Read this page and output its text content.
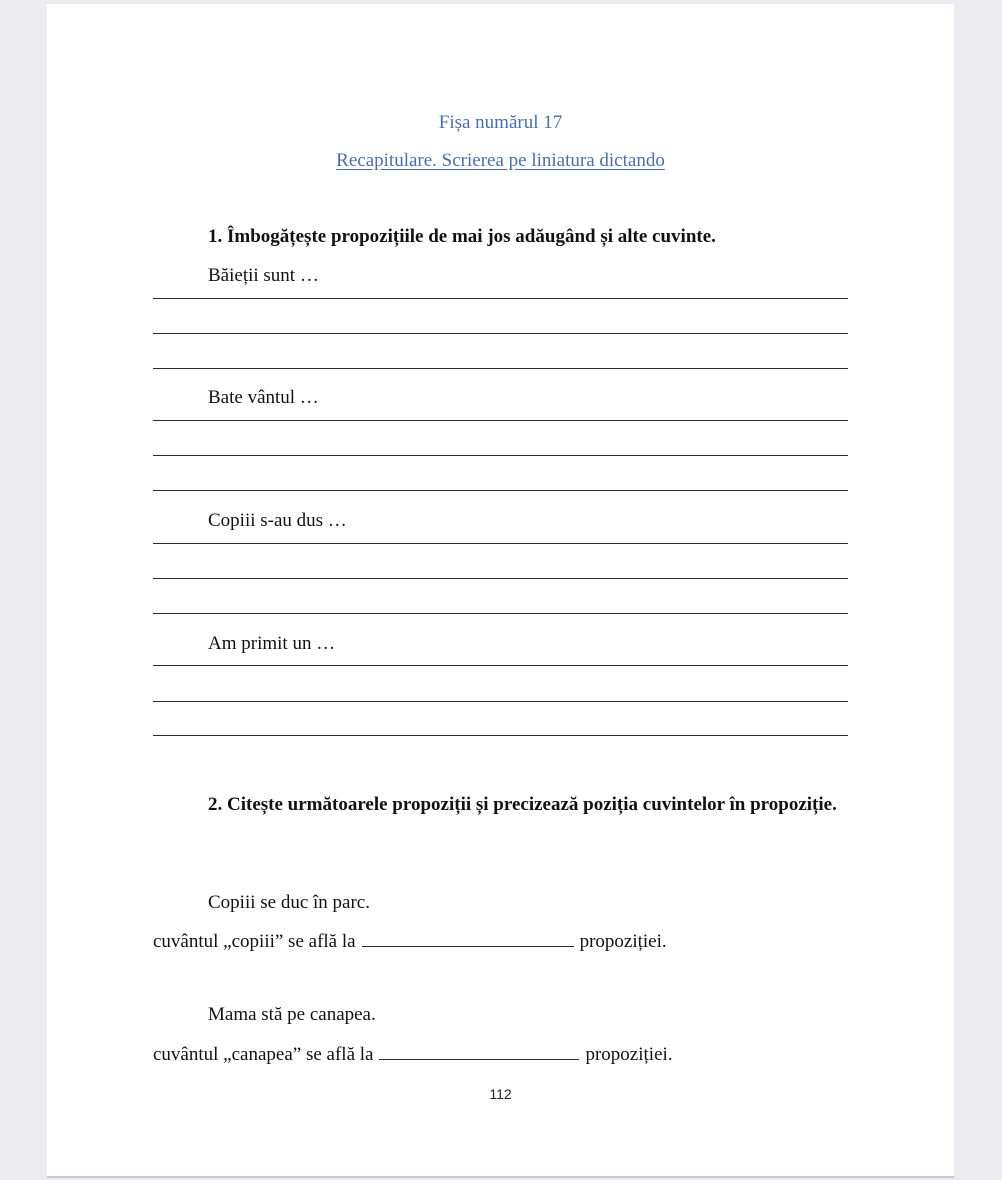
Fișa numărul 17
Recapitulare. Scrierea pe liniatura dictando
1. Îmbogățește propozițiile de mai jos adăugând și alte cuvinte.
Băieții sunt …
Bate vântul …
Copiii s-au dus …
Am primit un …
2. Citește următoarele propoziții și precizează poziția cuvintelor în propoziție.
Copiii se duc în parc.
cuvântul „copiii” se află la	propoziției.
Mama stă pe canapea.
cuvântul „canapea” se află la	propoziției.
112
